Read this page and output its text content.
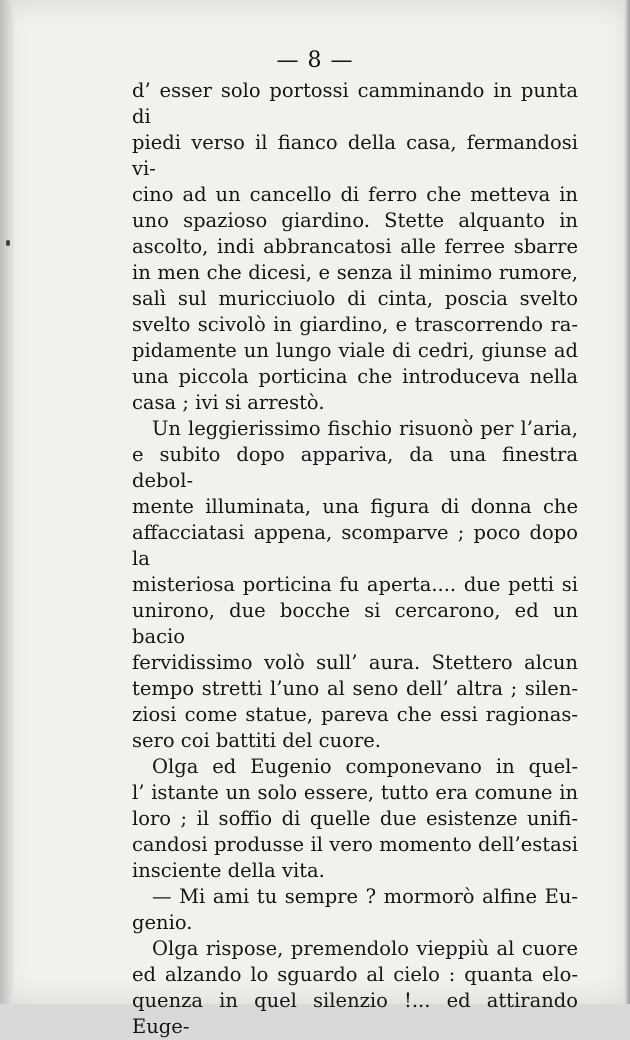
— 8 —
d’ esser solo portossi camminando in punta di
piedi verso il fianco della casa, fermandosi vi-
cino ad un cancello di ferro che metteva in
uno spazioso giardino. Stette alquanto in
ascolto, indi abbrancatosi alle ferree sbarre
in men che dicesi, e senza il minimo rumore,
salì sul muricciuolo di cinta, poscia svelto
svelto scivolò in giardino, e trascorrendo ra-
pidamente un lungo viale di cedri, giunse ad
una piccola porticina che introduceva nella
casa ; ivi si arrestò.
Un leggierissimo fischio risuonò per l’aria,
e subito dopo appariva, da una finestra debol-
mente illuminata, una figura di donna che
affacciatasi appena, scomparve ; poco dopo la
misteriosa porticina fu aperta.... due petti si
unirono, due bocche si cercarono, ed un bacio
fervidissimo volò sull’ aura. Stettero alcun
tempo stretti l’uno al seno dell’ altra ; silen-
ziosi come statue, pareva che essi ragionas-
sero coi battiti del cuore.
Olga ed Eugenio componevano in quel-
l’ istante un solo essere, tutto era comune in
loro ; il soffio di quelle due esistenze unifi-
candosi produsse il vero momento dell’estasi
insciente della vita.
— Mi ami tu sempre ? mormorò alfine Eu-
genio.
Olga rispose, premendolo vieppiù al cuore
ed alzando lo sguardo al cielo : quanta elo-
quenza in quel silenzio !... ed attirando Euge-
